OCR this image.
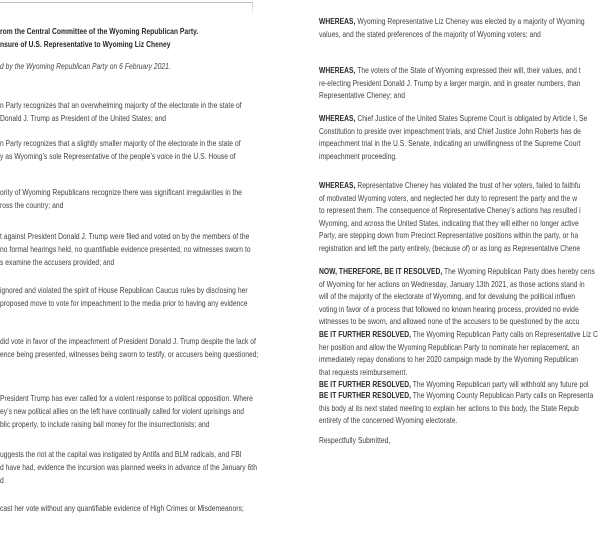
rom the Central Committee of the Wyoming Republican Party.
nsure of U.S. Representative to Wyoming Liz Cheney
d by the Wyoming Republican Party on 6 February 2021.
n Party recognizes that an overwhelming majority of the electorate in the state of
Donald J. Trump as President of the United States; and
n Party recognizes that a slightly smaller majority of the electorate in the state of
y as Wyoming’s sole Representative of the people’s voice in the U.S. House of
ority of Wyoming Republicans recognize there was significant irregularities in the
ross the country; and
t against President Donald J. Trump were filed and voted on by the members of the
no formal hearings held, no quantifiable evidence presented, no witnesses sworn to
s examine the accusers provided; and
ignored and violated the spirit of House Republican Caucus rules by disclosing her
proposed move to vote for impeachment to the media prior to having any evidence
did vote in favor of the impeachment of President Donald J. Trump despite the lack of
ence being presented, witnesses being sworn to testify, or accusers being questioned;
President Trump has ever called for a violent response to political opposition. Where
ey’s new political allies on the left have continually called for violent uprisings and
blic property, to include raising bail money for the insurrectionists; and
uggests the riot at the capital was instigated by Antifa and BLM radicals, and FBI
d have had, evidence the incursion was planned weeks in advance of the January 6th
d
cast her vote without any quantifiable evidence of High Crimes or Misdemeanors;
WHEREAS, Wyoming Representative Liz Cheney was elected by a majority of Wyoming
values, and the stated preferences of the majority of Wyoming voters; and
WHEREAS, The voters of the State of Wyoming expressed their will, their values, and t
re-electing President Donald J. Trump by a larger margin, and in greater numbers, than
Representative Cheney; and
WHEREAS, Chief Justice of the United States Supreme Court is obligated by Article I, Se
Constitution to preside over impeachment trials, and Chief Justice John Roberts has de
impeachment trial in the U.S. Senate, indicating an unwillingness of the Supreme Court
impeachment proceeding.
WHEREAS, Representative Cheney has violated the trust of her voters, failed to faithfu
of motivated Wyoming voters, and neglected her duty to represent the party and the w
to represent them. The consequence of Representative Cheney’s actions has resulted i
Wyoming, and across the United States, indicating that they will either no longer active
Party, are stepping down from Precinct Representative positions within the party, or ha
registration and left the party entirely, (because of) or as long as Representative Chene
NOW, THEREFORE, BE IT RESOLVED, The Wyoming Republican Party does hereby cens
of Wyoming for her actions on Wednesday, January 13th 2021, as those actions stand in
will of the majority of the electorate of Wyoming, and for devaluing the political influen
voting in favor of a process that followed no known hearing process, provided no evide
witnesses to be sworn, and allowed none of the accusers to be questioned by the accu
BE IT FURTHER RESOLVED, The Wyoming Republican Party calls on Representative Liz C
her position and allow the Wyoming Republican Party to nominate her replacement, an
immediately repay donations to her 2020 campaign made by the Wyoming Republican
that requests reimbursement.
BE IT FURTHER RESOLVED, The Wyoming Republican party will withhold any future pol
BE IT FURTHER RESOLVED, The Wyoming County Republican Party calls on Representa
this body at its next stated meeting to explain her actions to this body, the State Repub
entirety of the concerned Wyoming electorate.
Respectfully Submitted,
